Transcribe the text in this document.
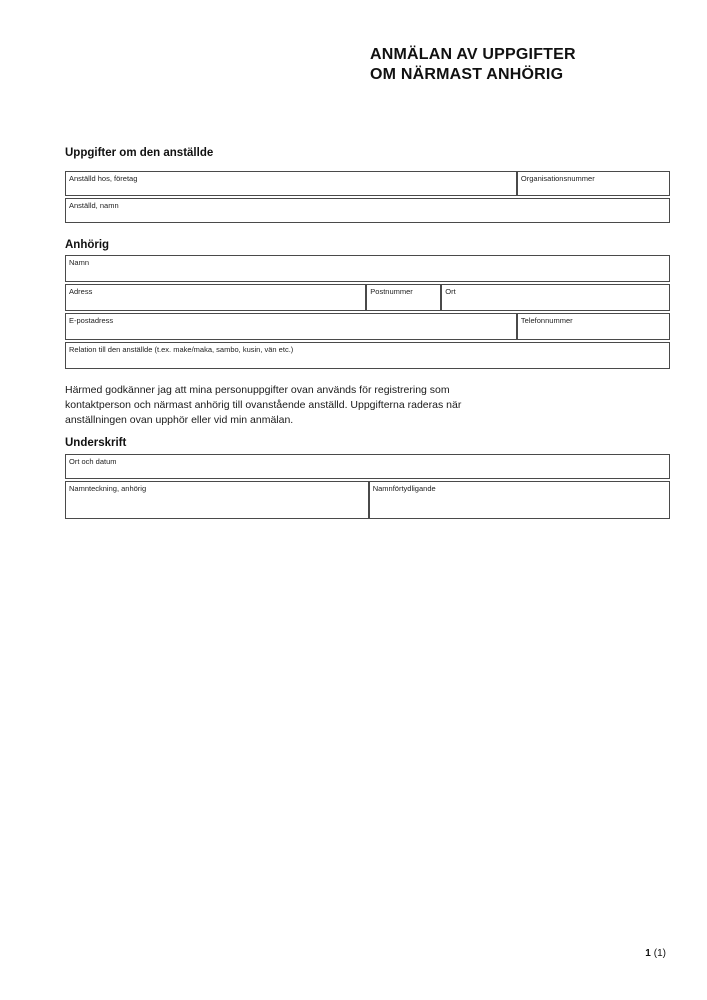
ANMÄLAN AV UPPGIFTER
OM NÄRMAST ANHÖRIG
Uppgifter om den anställde
Anställd hos, företag	Organisationsnummer
Anställd, namn
Anhörig
Namn
Adress	Postnummer	Ort
E-postadress	Telefonnummer
Relation till den anställde (t.ex. make/maka, sambo, kusin, vän etc.)
Härmed godkänner jag att mina personuppgifter ovan används för registrering som
kontaktperson och närmast anhörig till ovanstående anställd. Uppgifterna raderas när
anställningen ovan upphör eller vid min anmälan.
Underskrift
Ort och datum
Namnteckning, anhörig	Namnförtydligande
1 (1)
